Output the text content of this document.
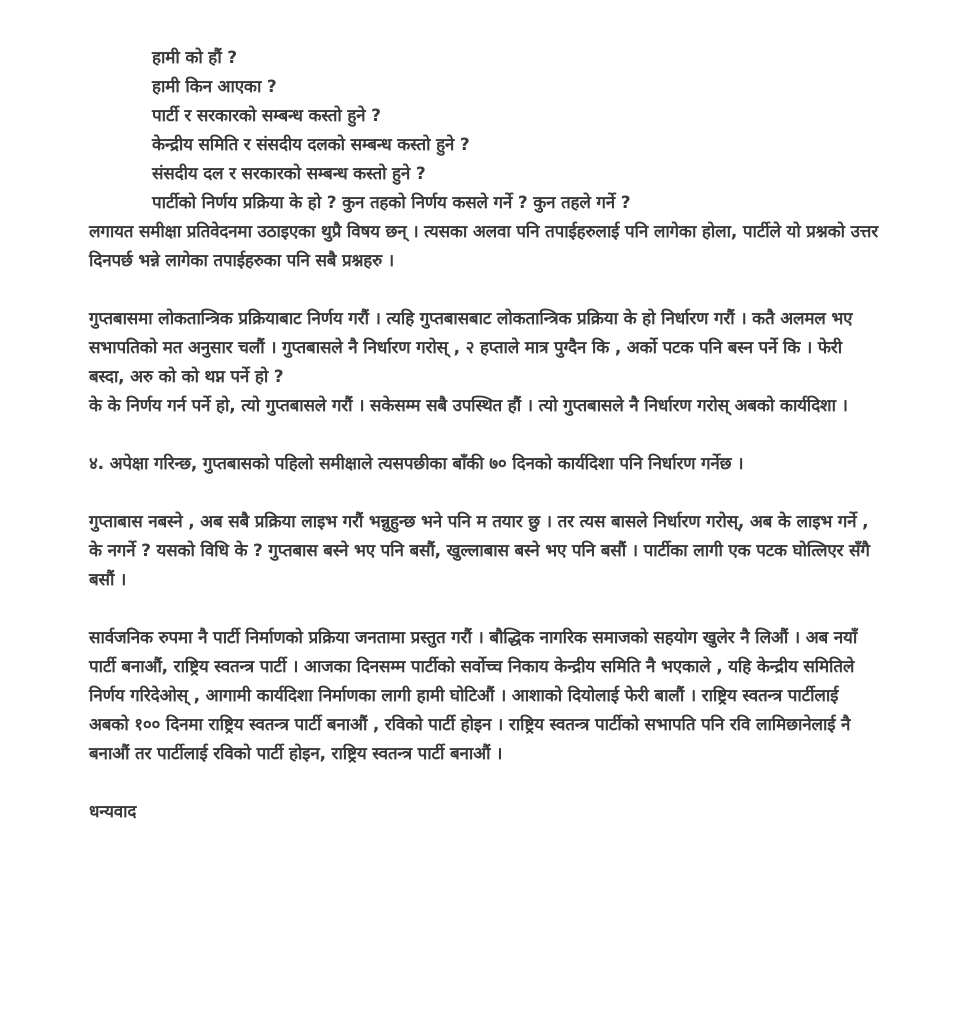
हामी को हौं ?
हामी किन आएका ?
पार्टी र सरकारको सम्बन्ध कस्तो हुने ?
केन्द्रीय समिति र संसदीय दलको सम्बन्ध कस्तो हुने ?
संसदीय दल र सरकारको सम्बन्ध कस्तो हुने ?
पार्टीको निर्णय प्रक्रिया के हो ? कुन तहको निर्णय कसले गर्ने ? कुन तहले गर्ने ?

लगायत समीक्षा प्रतिवेदनमा उठाइएका थुप्रै विषय छन् । त्यसका अलवा पनि तपाईहरुलाई पनि लागेका होला, पार्टीले यो प्रश्नको उत्तर दिनपर्छ भन्ने लागेका तपाईहरुका पनि सबै प्रश्नहरु ।

गुप्तबासमा लोकतान्त्रिक प्रक्रियाबाट निर्णय गरौं । त्यहि गुप्तबासबाट लोकतान्त्रिक प्रक्रिया के हो निर्धारण गरौं । कतै अलमल भए सभापतिको मत अनुसार चलौं । गुप्तबासले नै निर्धारण गरोस् , २ हप्ताले मात्र पुग्दैन कि , अर्को पटक पनि बस्न पर्ने कि । फेरी बस्दा, अरु को को थप्न पर्ने हो ?

के के निर्णय गर्न पर्ने हो, त्यो गुप्तबासले गरौं । सकेसम्म सबै उपस्थित हौं । त्यो गुप्तबासले नै निर्धारण गरोस् अबको कार्यदिशा ।

४. अपेक्षा गरिन्छ, गुप्तबासको पहिलो समीक्षाले त्यसपछीका बाँकी ७० दिनको कार्यदिशा पनि निर्धारण गर्नेछ ।

गुप्ताबास नबस्ने , अब सबै प्रक्रिया लाइभ गरौं भन्नुहुन्छ भने पनि म तयार छु । तर त्यस बासले निर्धारण गरोस्, अब के लाइभ गर्ने , के नगर्ने ? यसको विधि के ? गुप्तबास बस्ने भए पनि बसौं, खुल्लाबास बस्ने भए पनि बसौं । पार्टीका लागी एक पटक घोत्लिएर सँगै बसौं ।

सार्वजनिक रुपमा नै पार्टी निर्माणको प्रक्रिया जनतामा प्रस्तुत गरौं । बौद्धिक नागरिक समाजको सहयोग खुलेर नै लिऔं । अब नयाँ पार्टी बनाऔं, राष्ट्रिय स्वतन्त्र पार्टी । आजका दिनसम्म पार्टीको सर्वोच्च निकाय केन्द्रीय समिति नै भएकाले , यहि केन्द्रीय समितिले निर्णय गरिदेओस् , आगामी कार्यदिशा निर्माणका लागी हामी घोटिऔं । आशाको दियोलाई फेरी बालौं । राष्ट्रिय स्वतन्त्र पार्टीलाई अबको १०० दिनमा राष्ट्रिय स्वतन्त्र पार्टी बनाऔं , रविको पार्टी होइन । राष्ट्रिय स्वतन्त्र पार्टीको सभापति पनि रवि लामिछानेलाई नै बनाऔं तर पार्टीलाई रविको पार्टी होइन, राष्ट्रिय स्वतन्त्र पार्टी बनाऔं ।

धन्यवाद
